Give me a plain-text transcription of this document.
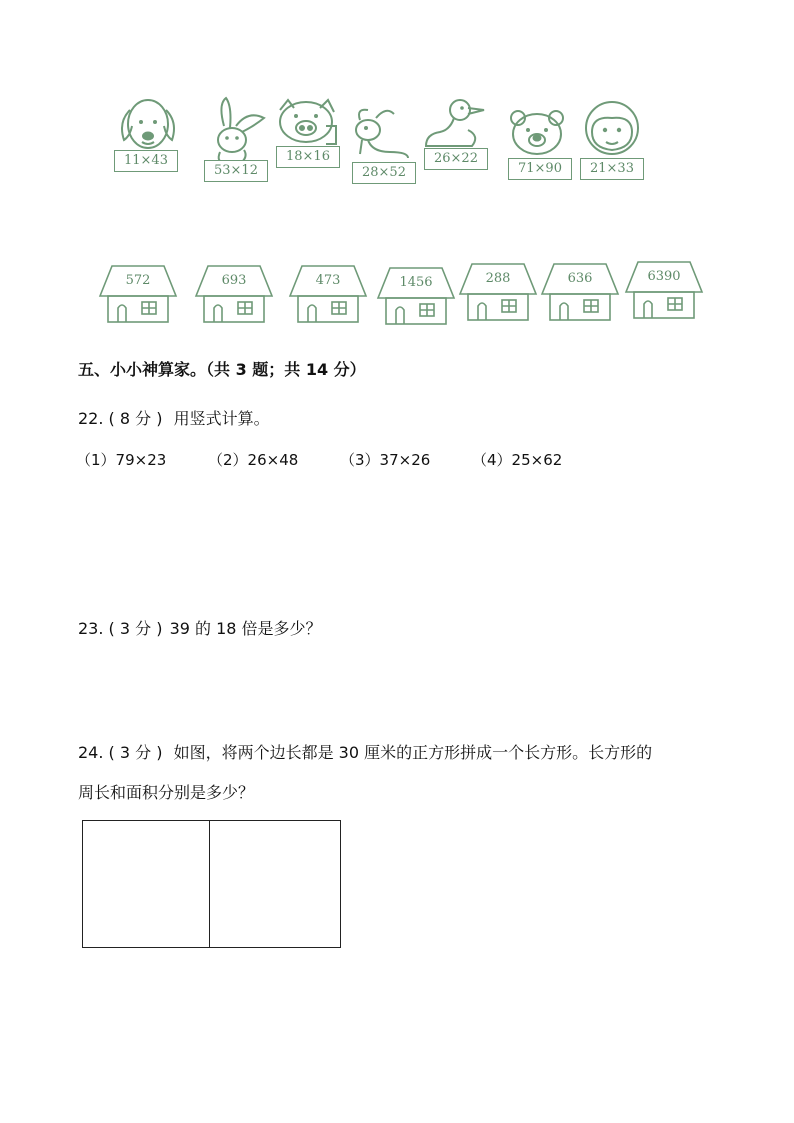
11×43
53×12
18×16
28×52
26×22
71×90	21×33
572	693	473	1456	288	636	6390
五、小小神算家。（共 3 题；共 14 分）
22. ( 8 分 ) 用竖式计算。
（1）79×23	（2）26×48	（3）37×26	（4）25×62
23. ( 3 分 ) 39 的 18 倍是多少？
24. ( 3 分 ) 如图，将两个边长都是 30 厘米的正方形拼成一个长方形。长方形的
周长和面积分别是多少？
